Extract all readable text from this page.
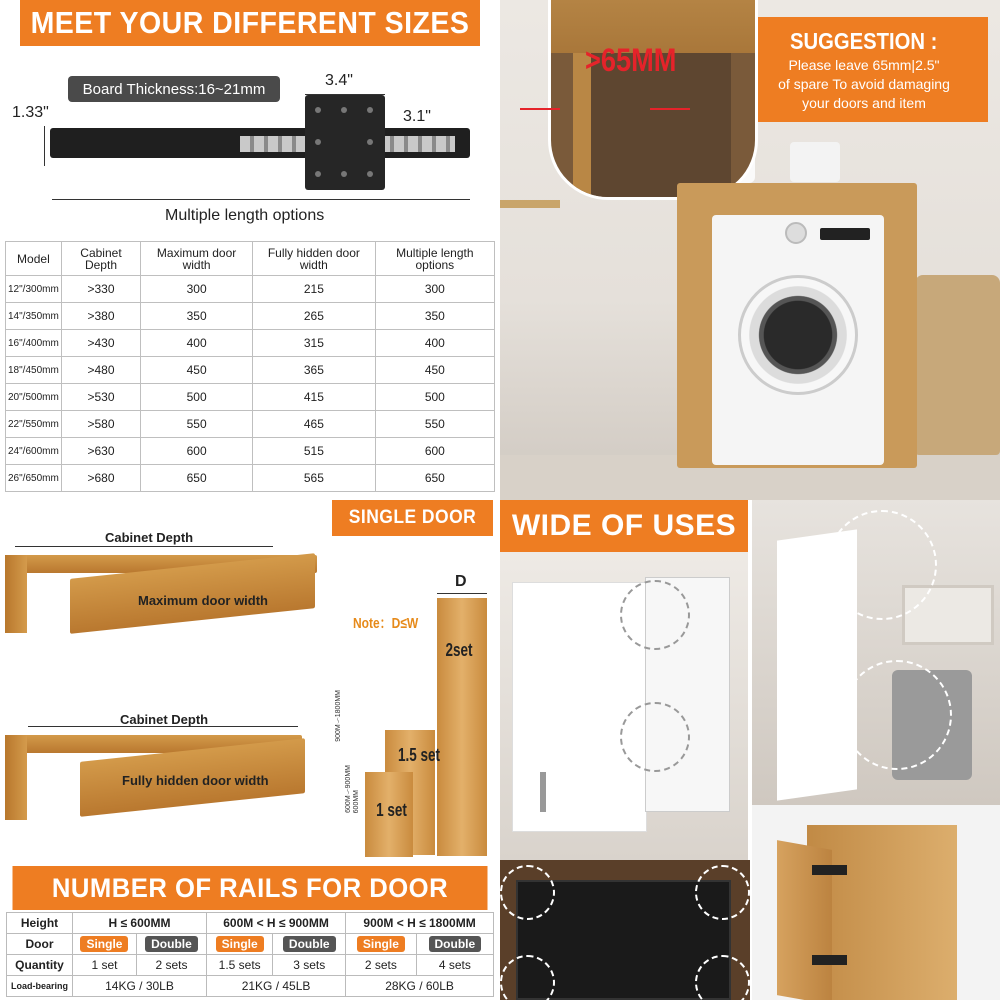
MEET YOUR DIFFERENT SIZES
Board Thickness:16~21mm
1.33"
3.4"
3.1"
Multiple length options
Model	Cabinet Depth	Maximum door width	Fully hidden door width	Multiple length options
12"/300mm	>330	300	215	300
14"/350mm	>380	350	265	350
16"/400mm	>430	400	315	400
18"/450mm	>480	450	365	450
20"/500mm	>530	500	415	500
22"/550mm	>580	550	465	550
24"/600mm	>630	600	515	600
26"/650mm	>680	650	565	650
SUGGESTION :
Please leave 65mm|2.5"
of spare To avoid damaging
your doors and item
>65MM
Cabinet Depth
Maximum door width
Cabinet Depth
Fully hidden door width
SINGLE DOOR
D
Note：D≤W
2set
1.5 set
1 set
900M～1800MM
600M～900MM 600MM
WIDE OF USES
NUMBER OF RAILS FOR DOOR
Height	H ≤ 600MM		600M < H ≤ 900MM		900M < H ≤ 1800MM	
Door	Single	Double	Single	Double	Single	Double
Quantity	1 set	2 sets	1.5 sets	3 sets	2 sets	4 sets
Load-bearing	14KG / 30LB		21KG / 45LB		28KG / 60LB	
